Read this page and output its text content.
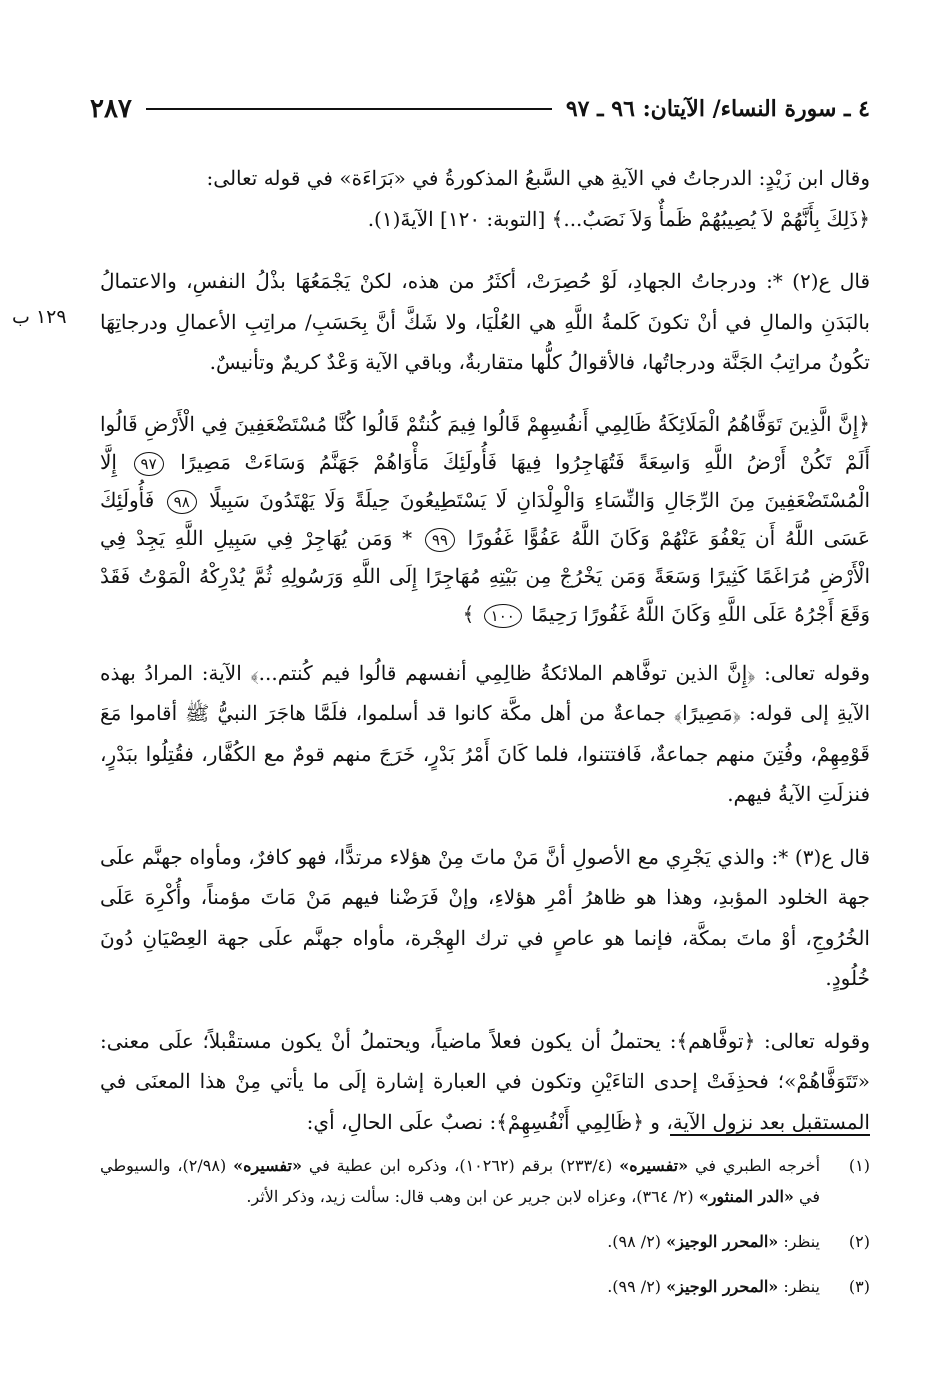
٤ ـ سورة النساء/ الآيتان: ٩٦ ـ ٩٧
٢٨٧
١٢٩ ب

وقال ابن زَيْدٍ: الدرجاتُ في الآيةِ هي السَّبعُ المذكورةُ في «بَرَاءَة» في قوله تعالى:

﴿ذَلِكَ بِأَنَّهُمْ لاَ يُصِيبُهُمْ ظَمأٌ وَلاَ نَصَبٌ...﴾ [التوبة: ١٢٠] الآيةَ(١).

قال ع(٢) *: ودرجاتُ الجهادِ، لَوْ حُصِرَتْ، أكثَرُ من هذه، لكنْ يَجْمَعُهَا بذْلُ النفسِ، والاعتمالُ بالبَدَنِ والمالِ في أنْ تكونَ كَلمةُ اللَّهِ هي العُلْيَا، ولا شَكَّ أنَّ بِحَسَبِ/ مراتِبِ الأعمالِ ودرجاتِهَا تكُونُ مراتِبُ الجَنَّة ودرجاتُها، فالأقوالُ كلُّها متقاربةٌ، وباقي الآية وَعْدٌ كريمٌ وتأنيسٌ.

﴿إِنَّ الَّذِينَ تَوَفَّاهُمُ الْمَلَائِكَةُ ظَالِمِي أَنفُسِهِمْ قَالُوا فِيمَ كُنتُمْ قَالُوا كُنَّا مُسْتَضْعَفِينَ فِي الْأَرْضِ قَالُوا أَلَمْ تَكُنْ أَرْضُ اللَّهِ وَاسِعَةً فَتُهَاجِرُوا فِيهَا فَأُولَئِكَ مَأْوَاهُمْ جَهَنَّمُ وَسَاءَتْ مَصِيرًا ٩٧ إِلَّا الْمُسْتَضْعَفِينَ مِنَ الرِّجَالِ وَالنِّسَاءِ وَالْوِلْدَانِ لَا يَسْتَطِيعُونَ حِيلَةً وَلَا يَهْتَدُونَ سَبِيلًا ٩٨ فَأُولَئِكَ عَسَى اللَّهُ أَن يَعْفُوَ عَنْهُمْ وَكَانَ اللَّهُ عَفُوًّا غَفُورًا ٩٩ * وَمَن يُهَاجِرْ فِي سَبِيلِ اللَّهِ يَجِدْ فِي الْأَرْضِ مُرَاغَمًا كَثِيرًا وَسَعَةً وَمَن يَخْرُجْ مِن بَيْتِهِ مُهَاجِرًا إِلَى اللَّهِ وَرَسُولِهِ ثُمَّ يُدْرِكْهُ الْمَوْتُ فَقَدْ وَقَعَ أَجْرُهُ عَلَى اللَّهِ وَكَانَ اللَّهُ غَفُورًا رَحِيمًا ١٠٠ ﴾

وقوله تعالى: ﴿إِنَّ الذين توفَّاهم الملائكةُ ظالِمِي أنفسهم قالُوا فيم كُنتم...﴾ الآية: المرادُ بهذه الآيةِ إلى قوله: ﴿مَصِيرًا﴾ جماعةٌ من أهل مكَّة كانوا قد أسلموا، فلَمَّا هاجَرَ النبيُّ ﷺ أقاموا مَعَ قَوْمِهِمْ، وفُتِنَ منهم جماعةٌ، فَافتتنوا، فلما كَانَ أَمْرُ بَدْرٍ، خَرَجَ منهم قومٌ مع الكُفَّار، فقُتِلُوا ببَدْرٍ، فنزلَتِ الآيةُ فيهم.

قال ع(٣) *: والذي يَجْرِي مع الأصولِ أنَّ مَنْ ماتَ مِنْ هؤلاء مرتدًّا، فهو كافرٌ، ومأواه جهنَّم علَى جهة الخلود المؤبدِ، وهذا هو ظاهرُ أمْرِ هؤلاءِ، وإنْ فَرَضْنا فيهم مَنْ مَاتَ مؤمناً، وأُكْرِهَ عَلَى الخُرُوجِ، أوْ ماتَ بمكَّة، فإنما هو عاصٍ في ترك الهِجْرة، مأواه جهنَّم علَى جهة العِصْيَانِ دُونَ خُلُودٍ.

وقوله تعالى: ﴿توفَّاهم﴾: يحتملُ أن يكون فعلاً ماضياً، ويحتملُ أنْ يكون مستقْبلاً؛ علَى معنى: «تَتَوَفَّاهُمْ»؛ فحذِفَتْ إحدى التاءَيْنِ وتكون في العبارة إشارة إلَى ما يأتي مِنْ هذا المعنَى في المستقبل بعد نزول الآية، و ﴿ظَالِمِي أَنْفُسِهِمْ﴾: نصبٌ علَى الحالِ، أي:

(١)
أخرجه الطبري في «تفسيره» (٢٣٣/٤) برقم (١٠٢٦٢)، وذكره ابن عطية في «تفسيره» (٢/٩٨)، والسيوطي في «الدر المنثور» (٢/ ٣٦٤)، وعزاه لابن جرير عن ابن وهب قال: سألت زيد، وذكر الأثر.
(٢)
ينظر: «المحرر الوجيز» (٢/ ٩٨).
(٣)
ينظر: «المحرر الوجيز» (٢/ ٩٩).
